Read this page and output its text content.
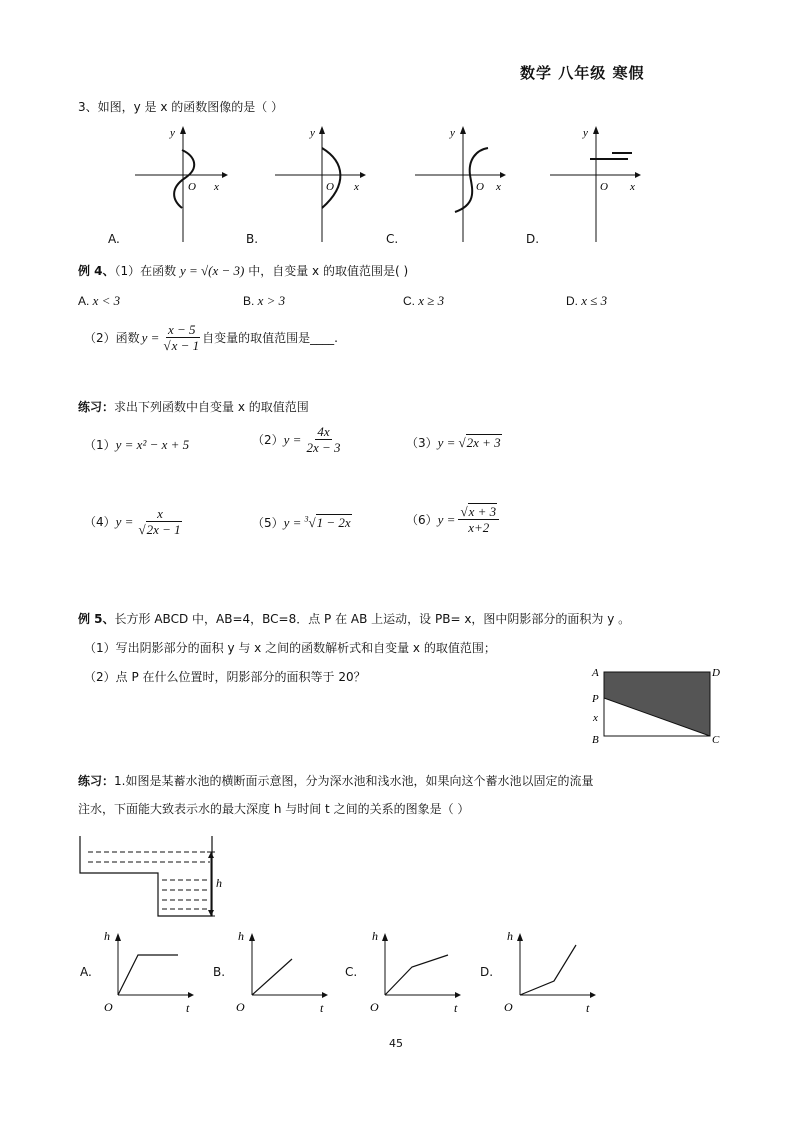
数学 八年级 寒假
3、如图，y 是 x 的函数图像的是（ ）
y
O x
y
O x
y
O x
y
O x
A.	B.	C.	D.
例 4、（1）在函数 y = √(x − 3) 中，自变量 x 的取值范围是( )
A. x < 3	B. x > 3	C. x ≥ 3	D. x ≤ 3
（2）函数 $y = \frac{x - 5}{√x - 1}$ 自变量的取值范围是____.
练习：求出下列函数中自变量 x 的取值范围
（1）y = x² − x + 5	（2） $y = \frac{4x}{2x - 3}$	（3）y = √2x + 3
（4） $y = \frac{x}{√2x - 1}$	（5）y = $^3$√1 − 2x	（6） $y = \frac{√x + 3}{x+2}$
例 5、长方形 ABCD 中，AB=4，BC=8．点 P 在 AB 上运动，设 PB= x，图中阴影部分的面积为 y 。
（1）写出阴影部分的面积 y 与 x 之间的函数解析式和自变量 x 的取值范围；
（2）点 P 在什么位置时，阴影部分的面积等于 20？	A	D
P
x
B	C
练习：1.如图是某蓄水池的横断面示意图，分为深水池和浅水池，如果向这个蓄水池以固定的流量
注水，下面能大致表示水的最大深度 h 与时间 t 之间的关系的图象是（ ）
h
h
O	t
h
O	t
h
O	t
h
O	t
A.	B.	C.	D.
45
